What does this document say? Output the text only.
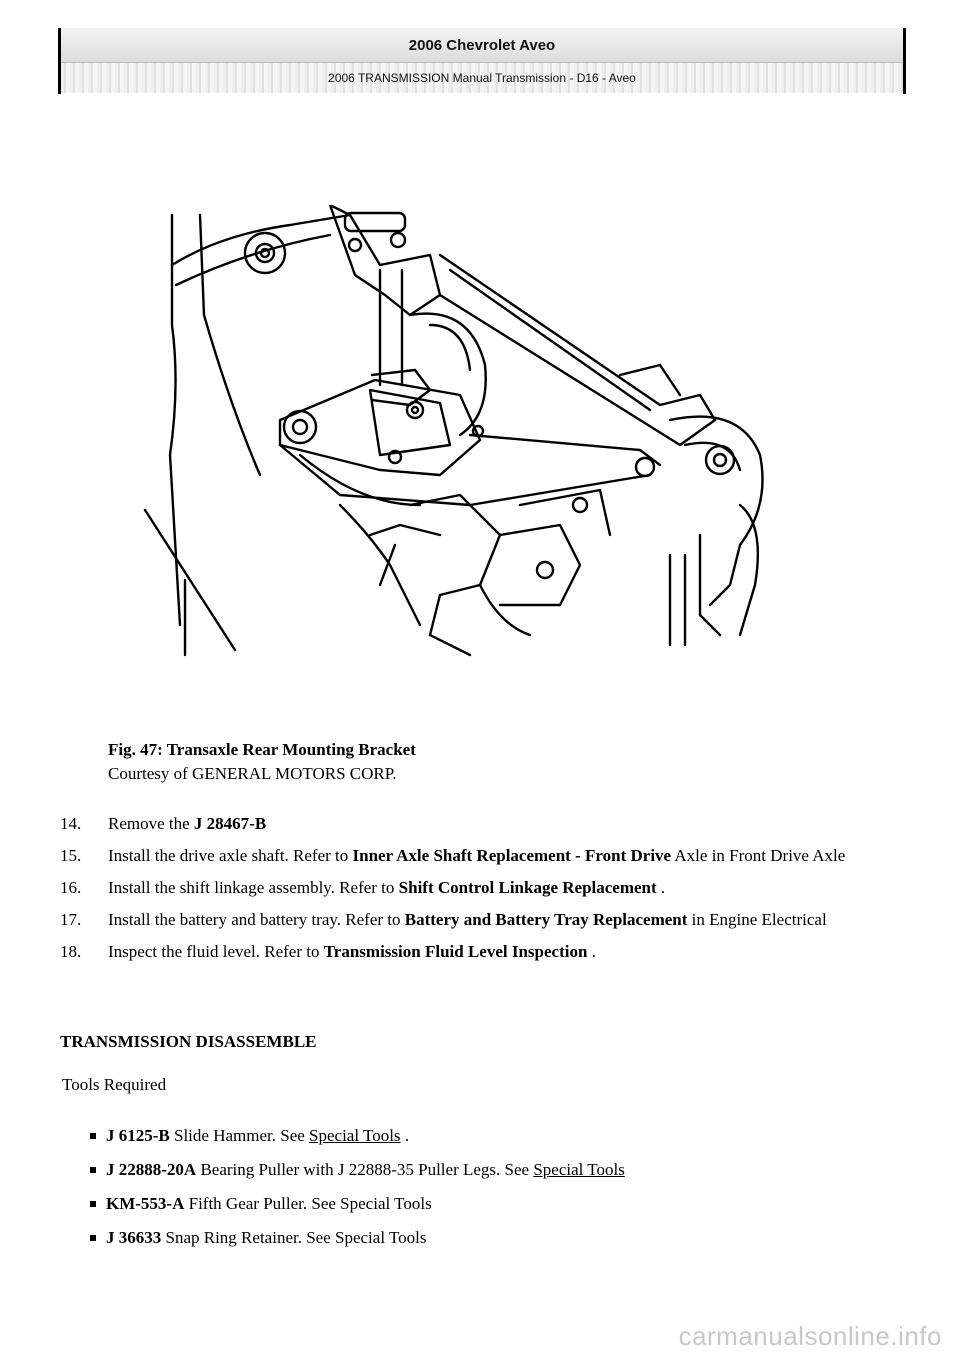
2006 Chevrolet Aveo
2006 TRANSMISSION Manual Transmission - D16 - Aveo
Fig. 47: Transaxle Rear Mounting Bracket
Courtesy of GENERAL MOTORS CORP.
14. Remove the J 28467-B
15. Install the drive axle shaft. Refer to Inner Axle Shaft Replacement - Front Drive Axle in Front Drive Axle
16. Install the shift linkage assembly. Refer to Shift Control Linkage Replacement .
17. Install the battery and battery tray. Refer to Battery and Battery Tray Replacement in Engine Electrical
18. Inspect the fluid level. Refer to Transmission Fluid Level Inspection .
TRANSMISSION DISASSEMBLE
Tools Required
J 6125-B Slide Hammer. See Special Tools .
J 22888-20A Bearing Puller with J 22888-35 Puller Legs. See Special Tools
KM-553-A Fifth Gear Puller. See Special Tools
J 36633 Snap Ring Retainer. See Special Tools
carmanualsonline.info
